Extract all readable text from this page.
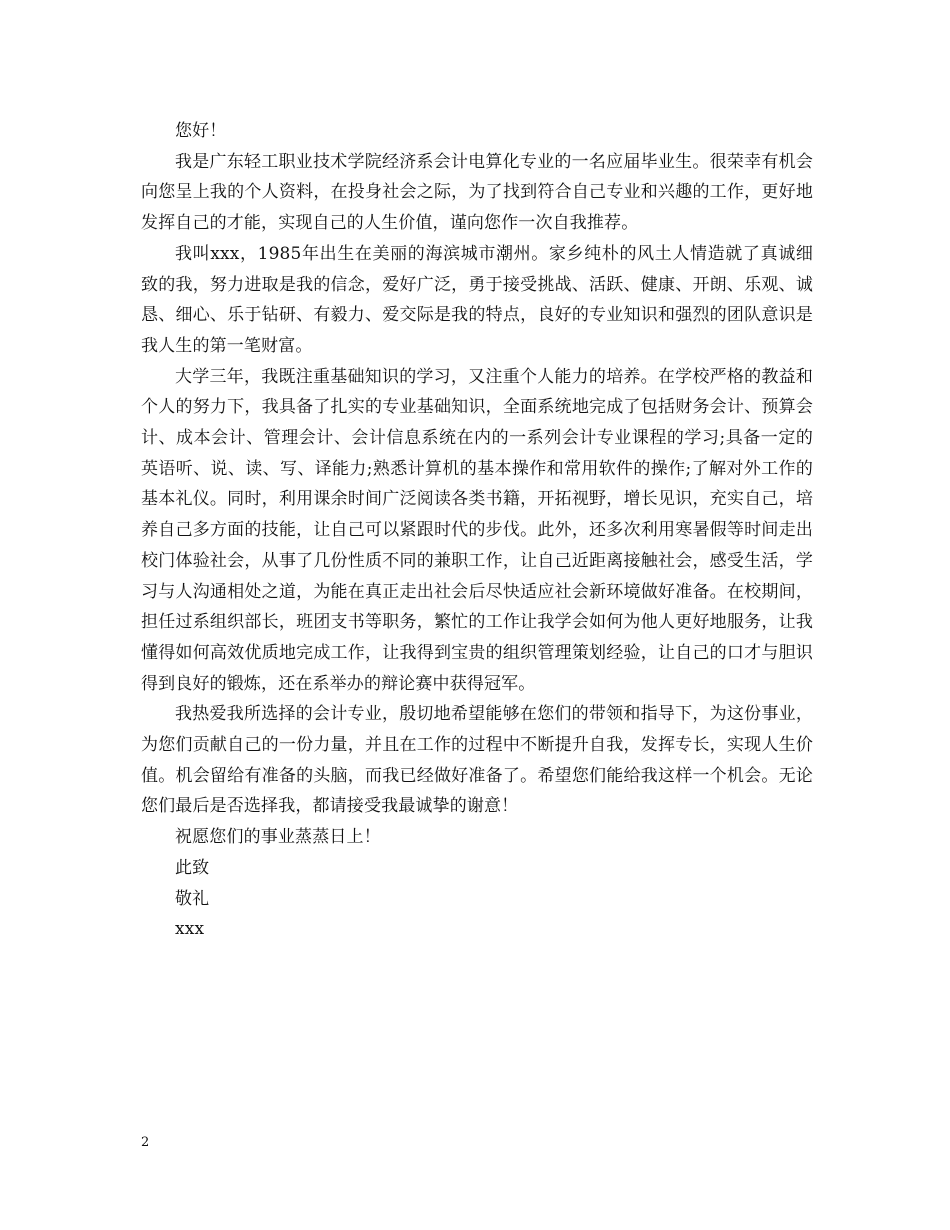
您好！

我是广东轻工职业技术学院经济系会计电算化专业的一名应届毕业生。很荣幸有机会向您呈上我的个人资料，在投身社会之际，为了找到符合自己专业和兴趣的工作，更好地发挥自己的才能，实现自己的人生价值，谨向您作一次自我推荐。

我叫xxx，1985年出生在美丽的海滨城市潮州。家乡纯朴的风土人情造就了真诚细致的我，努力进取是我的信念，爱好广泛，勇于接受挑战、活跃、健康、开朗、乐观、诚恳、细心、乐于钻研、有毅力、爱交际是我的特点，良好的专业知识和强烈的团队意识是我人生的第一笔财富。

大学三年，我既注重基础知识的学习，又注重个人能力的培养。在学校严格的教益和个人的努力下，我具备了扎实的专业基础知识，全面系统地完成了包括财务会计、预算会计、成本会计、管理会计、会计信息系统在内的一系列会计专业课程的学习;具备一定的英语听、说、读、写、译能力;熟悉计算机的基本操作和常用软件的操作;了解对外工作的基本礼仪。同时，利用课余时间广泛阅读各类书籍，开拓视野，增长见识，充实自己，培养自己多方面的技能，让自己可以紧跟时代的步伐。此外，还多次利用寒暑假等时间走出校门体验社会，从事了几份性质不同的兼职工作，让自己近距离接触社会，感受生活，学习与人沟通相处之道，为能在真正走出社会后尽快适应社会新环境做好准备。在校期间，担任过系组织部长，班团支书等职务，繁忙的工作让我学会如何为他人更好地服务，让我懂得如何高效优质地完成工作，让我得到宝贵的组织管理策划经验，让自己的口才与胆识得到良好的锻炼，还在系举办的辩论赛中获得冠军。

我热爱我所选择的会计专业，殷切地希望能够在您们的带领和指导下，为这份事业，为您们贡献自己的一份力量，并且在工作的过程中不断提升自我，发挥专长，实现人生价值。机会留给有准备的头脑，而我已经做好准备了。希望您们能给我这样一个机会。无论您们最后是否选择我，都请接受我最诚挚的谢意！

祝愿您们的事业蒸蒸日上！

此致

敬礼

xxx

2
